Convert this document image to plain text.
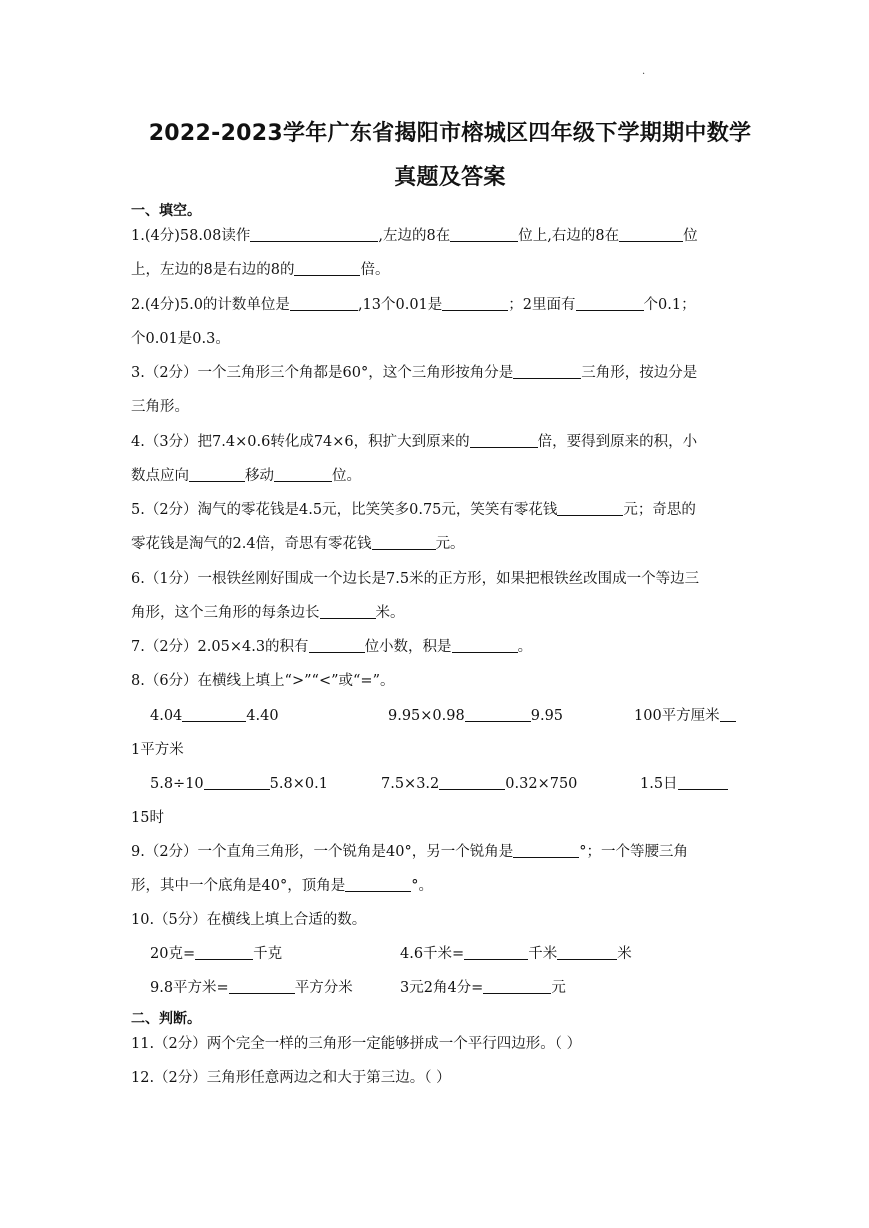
.
2022-2023学年广东省揭阳市榕城区四年级下学期期中数学
真题及答案
一、填空。
1.(4分)58.08读作	,左边的8在	位上,右边的8在	位
上，左边的8是右边的8的	倍。
2.(4分)5.0的计数单位是	,13个0.01是	；2里面有	个0.1；
个0.01是0.3。
3.（2分）一个三角形三个角都是60°，这个三角形按角分是	三角形，按边分是
三角形。
4.（3分）把7.4×0.6转化成74×6，积扩大到原来的	倍，要得到原来的积，小
数点应向	移动	位。
5.（2分）淘气的零花钱是4.5元，比笑笑多0.75元，笑笑有零花钱	元；奇思的
零花钱是淘气的2.4倍，奇思有零花钱	元。
6.（1分）一根铁丝刚好围成一个边长是7.5米的正方形，如果把根铁丝改围成一个等边三
角形，这个三角形的每条边长	米。
7.（2分）2.05×4.3的积有	位小数，积是	。
8.（6分）在横线上填上“>”“<”或“=”。
4.04	4.40	9.95×0.98	9.95	100平方厘米
1平方米
5.8÷10	5.8×0.1	7.5×3.2	0.32×750	1.5日
15时
9.（2分）一个直角三角形，一个锐角是40°，另一个锐角是	°；一个等腰三角
形，其中一个底角是40°，顶角是	°。
10.（5分）在横线上填上合适的数。
20克=	千克	4.6千米=	千米	米
9.8平方米=	平方分米	3元2角4分=	元
二、判断。
11.（2分）两个完全一样的三角形一定能够拼成一个平行四边形。（ ）
12.（2分）三角形任意两边之和大于第三边。（ ）
